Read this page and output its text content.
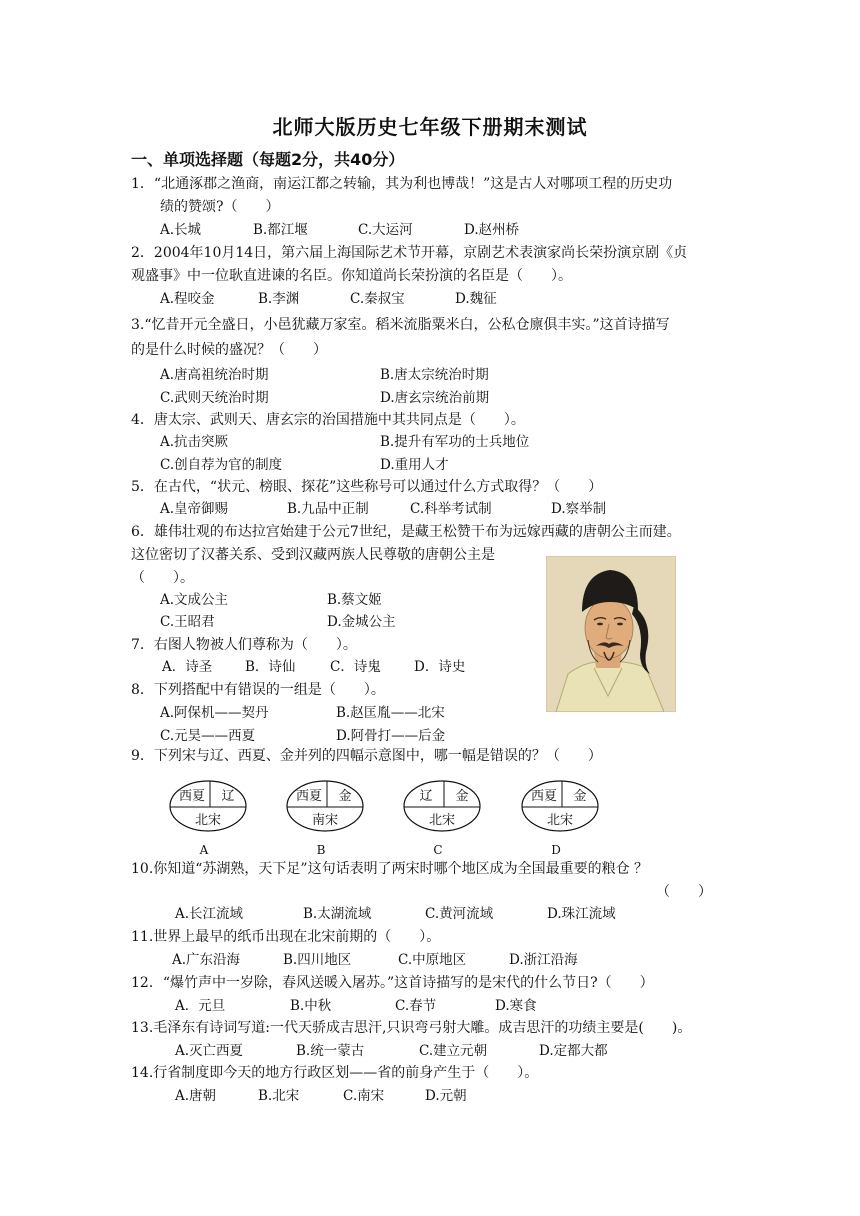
北师大版历史七年级下册期末测试
一、单项选择题（每题2分，共40分）
1．“北通涿郡之渔商，南运江都之转输，其为利也博哉！”这是古人对哪项工程的历史功
绩的赞颂?（　　）
A.长城	B.都江堰	C.大运河	D.赵州桥
2．2004年10月14日，第六届上海国际艺术节开幕，京剧艺术表演家尚长荣扮演京剧《贞
观盛事》中一位耿直进谏的名臣。你知道尚长荣扮演的名臣是（　　）。
A.程咬金	B.李渊	C.秦叔宝	D.魏征
3.“忆昔开元全盛日，小邑犹藏万家室。稻米流脂粟米白，公私仓廪俱丰实。”这首诗描写
的是什么时候的盛况？（　　）
A.唐高祖统治时期	B.唐太宗统治时期
C.武则天统治时期	D.唐玄宗统治前期
4．唐太宗、武则天、唐玄宗的治国措施中其共同点是（　　）。
A.抗击突厥	B.提升有军功的士兵地位
C.创自荐为官的制度	D.重用人才
5．在古代，“状元、榜眼、探花”这些称号可以通过什么方式取得？（　　）
A.皇帝御赐	B.九品中正制	C.科举考试制	D.察举制
6．雄伟壮观的布达拉宫始建于公元7世纪，是藏王松赞干布为远嫁西藏的唐朝公主而建。
这位密切了汉蕃关系、受到汉藏两族人民尊敬的唐朝公主是
（　　）。
A.文成公主	B.蔡文姬
C.王昭君	D.金城公主
7．右图人物被人们尊称为（　　）。
A．诗圣 B．诗仙	C．诗鬼 D．诗史
8．下列搭配中有错误的一组是（　　）。
A.阿保机——契丹	B.赵匡胤——北宋
C.元昊——西夏	D.阿骨打——后金
9．下列宋与辽、西夏、金并列的四幅示意图中，哪一幅是错误的？（　　）
西夏 辽
北宋
A
西夏 金
南宋
B
辽 金
北宋
C
西夏 金
北宋
D
10.你知道“苏湖熟，天下足”这句话表明了两宋时哪个地区成为全国最重要的粮仓 ？
（　　）
A.长江流域	B.太湖流域	C.黄河流域	D.珠江流域
11.世界上最早的纸币出现在北宋前期的（　　）。
A.广东沿海	B.四川地区	C.中原地区	D.浙江沿海
12．“爆竹声中一岁除，春风送暖入屠苏。”这首诗描写的是宋代的什么节日?（　　）
A．元旦	B.中秋	C.春节	D.寒食
13.毛泽东有诗词写道:一代天骄成吉思汗,只识弯弓射大雕。成吉思汗的功绩主要是(　　)。
A.灭亡西夏	B.统一蒙古	C.建立元朝	D.定都大都
14.行省制度即今天的地方行政区划——省的前身产生于（　　）。
A.唐朝	B.北宋	C.南宋	D.元朝
